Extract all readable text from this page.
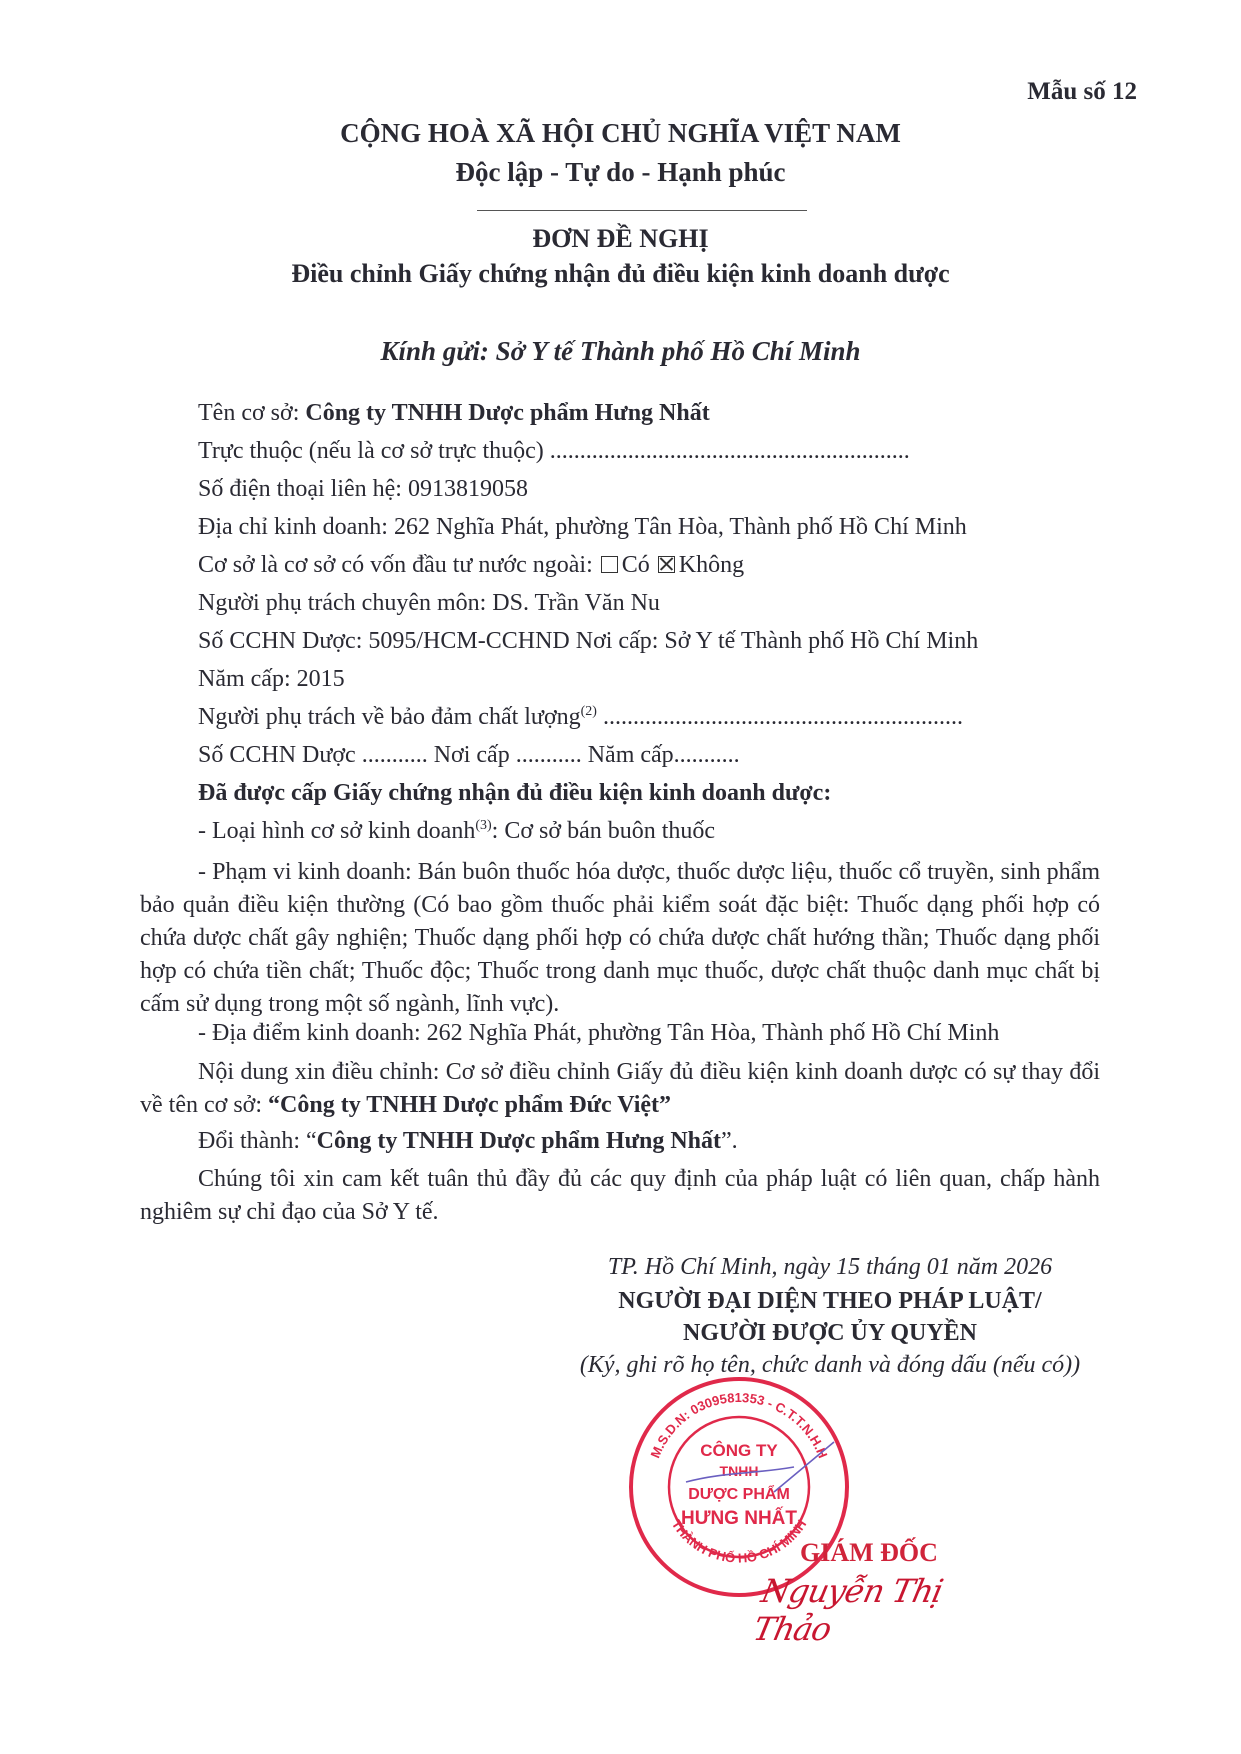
Mẫu số 12
CỘNG HOÀ XÃ HỘI CHỦ NGHĨA VIỆT NAM
Độc lập - Tự do - Hạnh phúc
ĐƠN ĐỀ NGHỊ
Điều chỉnh Giấy chứng nhận đủ điều kiện kinh doanh dược
Kính gửi: Sở Y tế Thành phố Hồ Chí Minh
Tên cơ sở: Công ty TNHH Dược phẩm Hưng Nhất
Trực thuộc (nếu là cơ sở trực thuộc) ............................................................
Số điện thoại liên hệ: 0913819058
Địa chỉ kinh doanh: 262 Nghĩa Phát, phường Tân Hòa, Thành phố Hồ Chí Minh
Cơ sở là cơ sở có vốn đầu tư nước ngoài: Có Không
Người phụ trách chuyên môn: DS. Trần Văn Nu
Số CCHN Dược: 5095/HCM-CCHND Nơi cấp: Sở Y tế Thành phố Hồ Chí Minh
Năm cấp: 2015
Người phụ trách về bảo đảm chất lượng$^{(2)}$ ............................................................
Số CCHN Dược ........... Nơi cấp ........... Năm cấp...........
Đã được cấp Giấy chứng nhận đủ điều kiện kinh doanh dược:
- Loại hình cơ sở kinh doanh$^{(3)}$: Cơ sở bán buôn thuốc
- Phạm vi kinh doanh: Bán buôn thuốc hóa dược, thuốc dược liệu, thuốc cổ truyền, sinh phẩm bảo quản điều kiện thường (Có bao gồm thuốc phải kiểm soát đặc biệt: Thuốc dạng phối hợp có chứa dược chất gây nghiện; Thuốc dạng phối hợp có chứa dược chất hướng thần; Thuốc dạng phối hợp có chứa tiền chất; Thuốc độc; Thuốc trong danh mục thuốc, dược chất thuộc danh mục chất bị cấm sử dụng trong một số ngành, lĩnh vực).
- Địa điểm kinh doanh: 262 Nghĩa Phát, phường Tân Hòa, Thành phố Hồ Chí Minh
Nội dung xin điều chỉnh: Cơ sở điều chỉnh Giấy đủ điều kiện kinh doanh dược có sự thay đổi về tên cơ sở: “Công ty TNHH Dược phẩm Đức Việt”
Đổi thành: “Công ty TNHH Dược phẩm Hưng Nhất”.
Chúng tôi xin cam kết tuân thủ đầy đủ các quy định của pháp luật có liên quan, chấp hành nghiêm sự chỉ đạo của Sở Y tế.
TP. Hồ Chí Minh, ngày 15 tháng 01 năm 2026
NGƯỜI ĐẠI DIỆN THEO PHÁP LUẬT/
NGƯỜI ĐƯỢC ỦY QUYỀN
(Ký, ghi rõ họ tên, chức danh và đóng dấu (nếu có))
M.S.D.N: 0309581353 - C.T.T.N.H.H
THÀNH PHỐ HỒ CHÍ MINH
CÔNG TY
TNHH
DƯỢC PHẨM
HƯNG NHẤT
GIÁM ĐỐC
Nguyễn Thị Thảo
